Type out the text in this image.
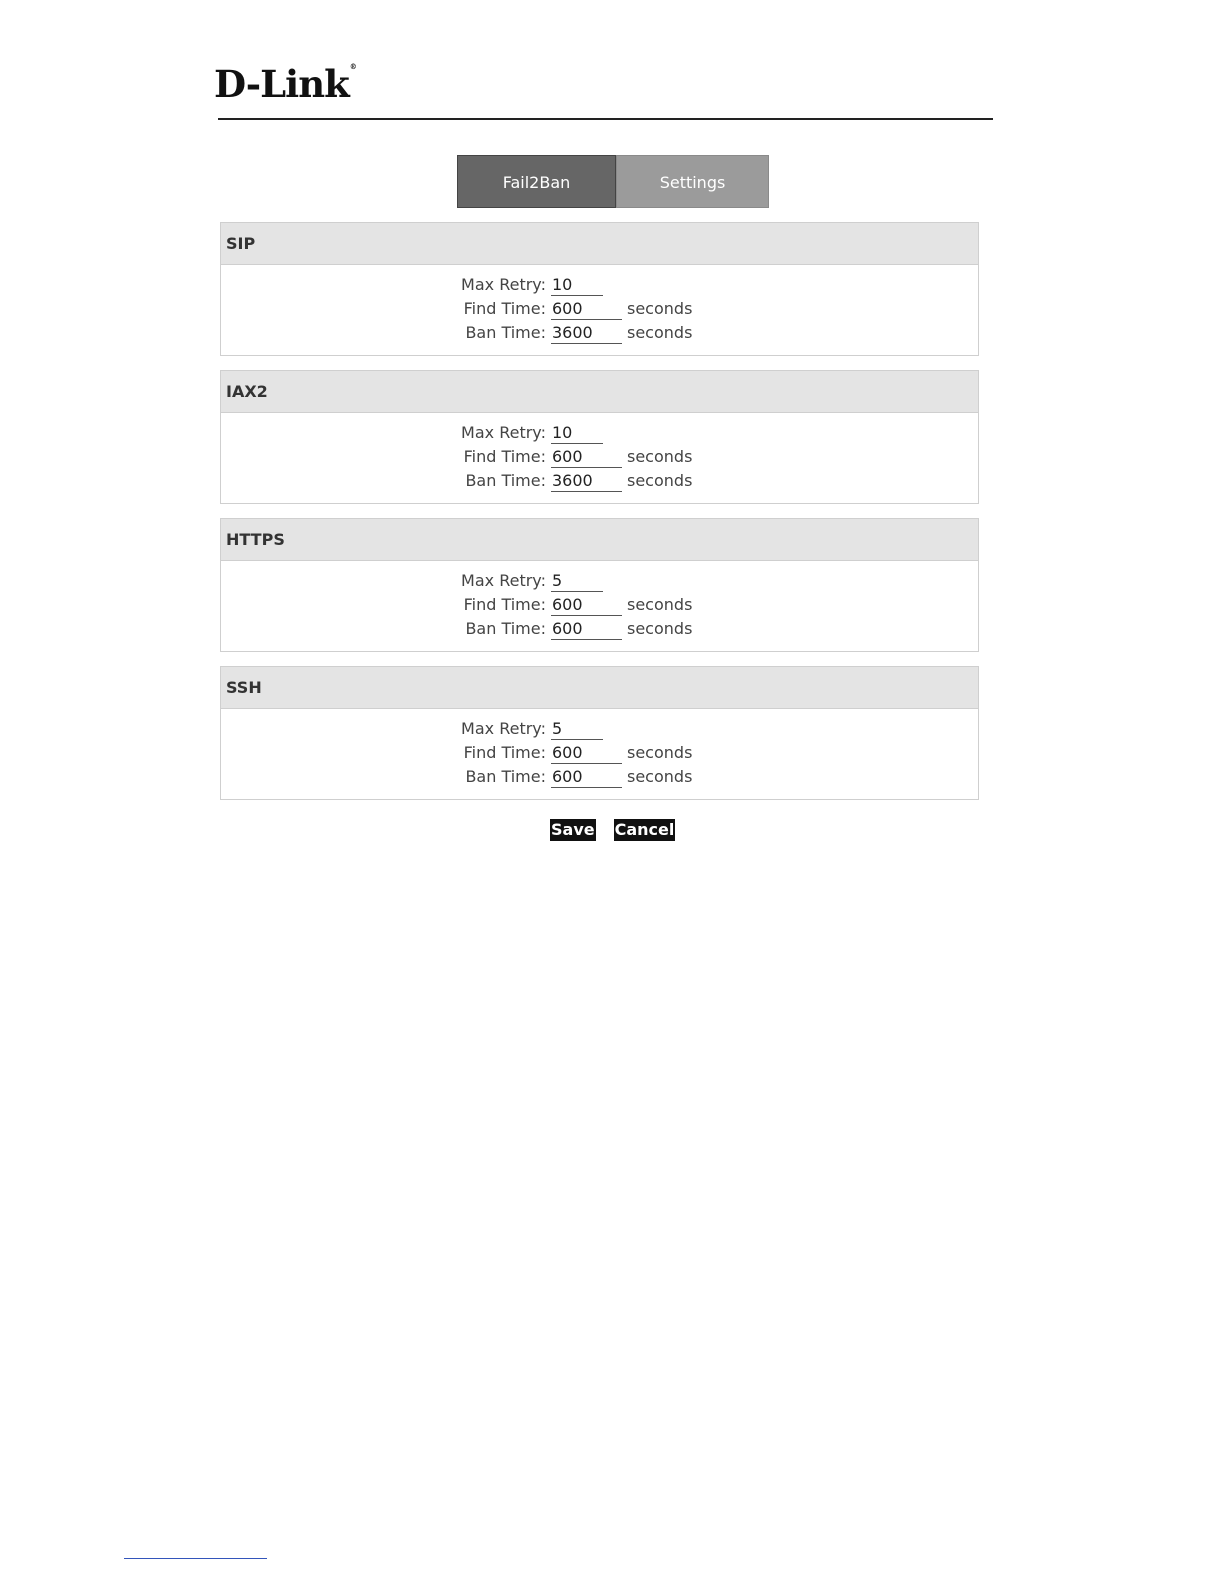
D-Link®
Fail2Ban	Settings
SIP
Max Retry: 10
Find Time: 600	seconds
Ban Time: 3600	seconds
IAX2
Max Retry: 10
Find Time: 600	seconds
Ban Time: 3600	seconds
HTTPS
Max Retry: 5
Find Time: 600	seconds
Ban Time: 600	seconds
SSH
Max Retry: 5
Find Time: 600	seconds
Ban Time: 600	seconds
Save Cancel
